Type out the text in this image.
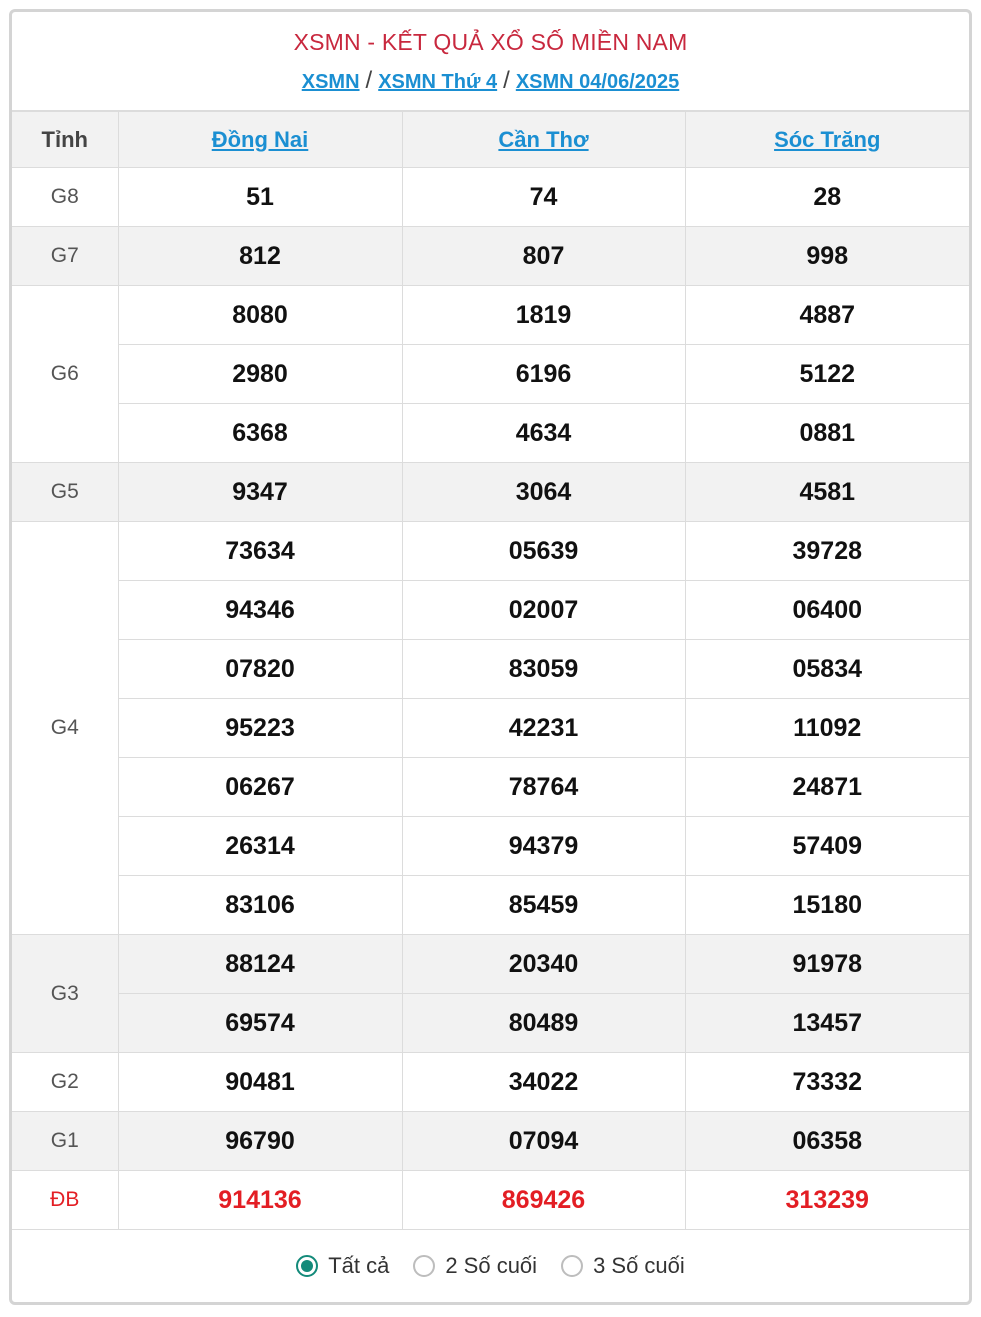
XSMN - KẾT QUẢ XỔ SỐ MIỀN NAM
XSMN / XSMN Thứ 4 / XSMN 04/06/2025
Tỉnh	Đồng Nai	Cần Thơ	Sóc Trăng
G8	51	74	28
G7	812	807	998
G6	8080	1819	4887
	2980	6196	5122
	6368	4634	0881
G5	9347	3064	4581
G4	73634	05639	39728
	94346	02007	06400
	07820	83059	05834
	95223	42231	11092
	06267	78764	24871
	26314	94379	57409
	83106	85459	15180
G3	88124	20340	91978
	69574	80489	13457
G2	90481	34022	73332
G1	96790	07094	06358
ĐB	914136	869426	313239
Tất cả	2 Số cuối	3 Số cuối
